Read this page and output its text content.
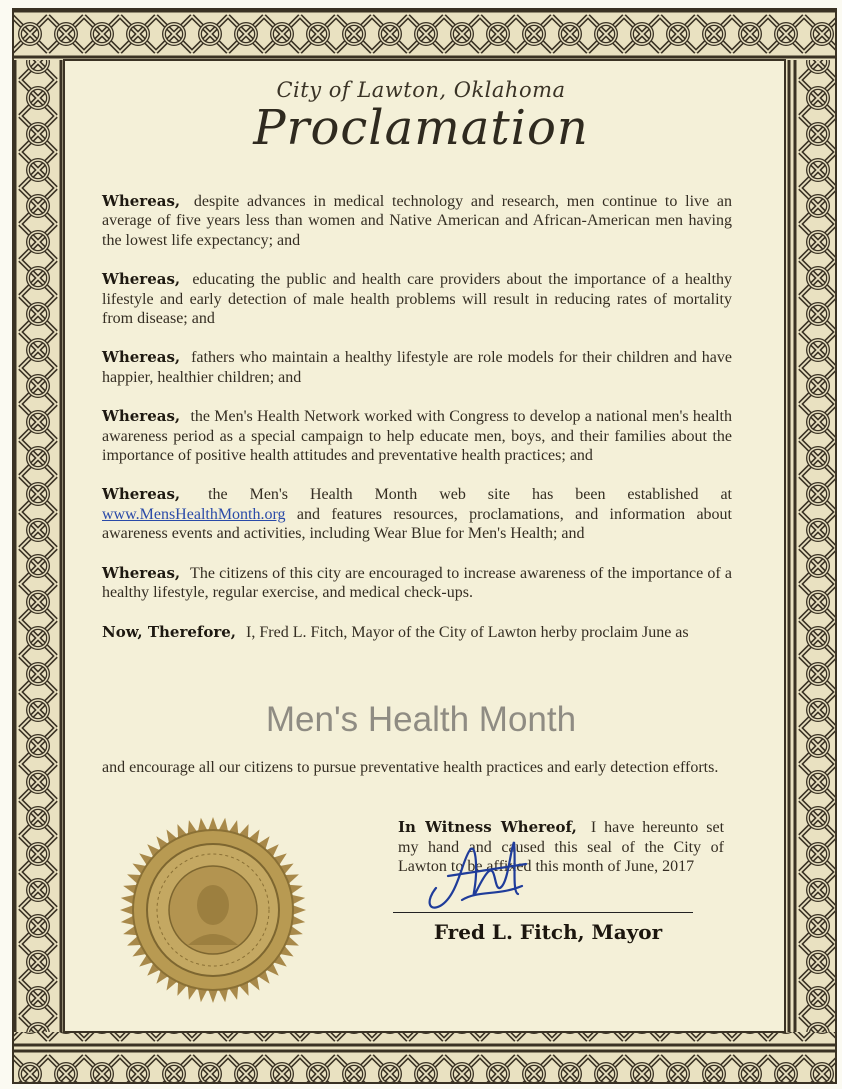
City of Lawton, Oklahoma
Proclamation

Whereas, despite advances in medical technology and research, men continue to live an average of five years less than women and Native American and African-American men having the lowest life expectancy; and

Whereas, educating the public and health care providers about the importance of a healthy lifestyle and early detection of male health problems will result in reducing rates of mortality from disease; and

Whereas, fathers who maintain a healthy lifestyle are role models for their children and have happier, healthier children; and

Whereas, the Men's Health Network worked with Congress to develop a national men's health awareness period as a special campaign to help educate men, boys, and their families about the importance of positive health attitudes and preventative health practices; and

Whereas, the Men's Health Month web site has been established at www.MensHealthMonth.org and features resources, proclamations, and information about awareness events and activities, including Wear Blue for Men's Health; and

Whereas, The citizens of this city are encouraged to increase awareness of the importance of a healthy lifestyle, regular exercise, and medical check-ups.

Now, Therefore, I, Fred L. Fitch, Mayor of the City of Lawton herby proclaim June as

Men's Health Month
and encourage all our citizens to pursue preventative health practices and early detection efforts.
In Witness Whereof, I have hereunto set my hand and caused this seal of the City of Lawton to be affixed this month of June, 2017
Fred L. Fitch, Mayor
